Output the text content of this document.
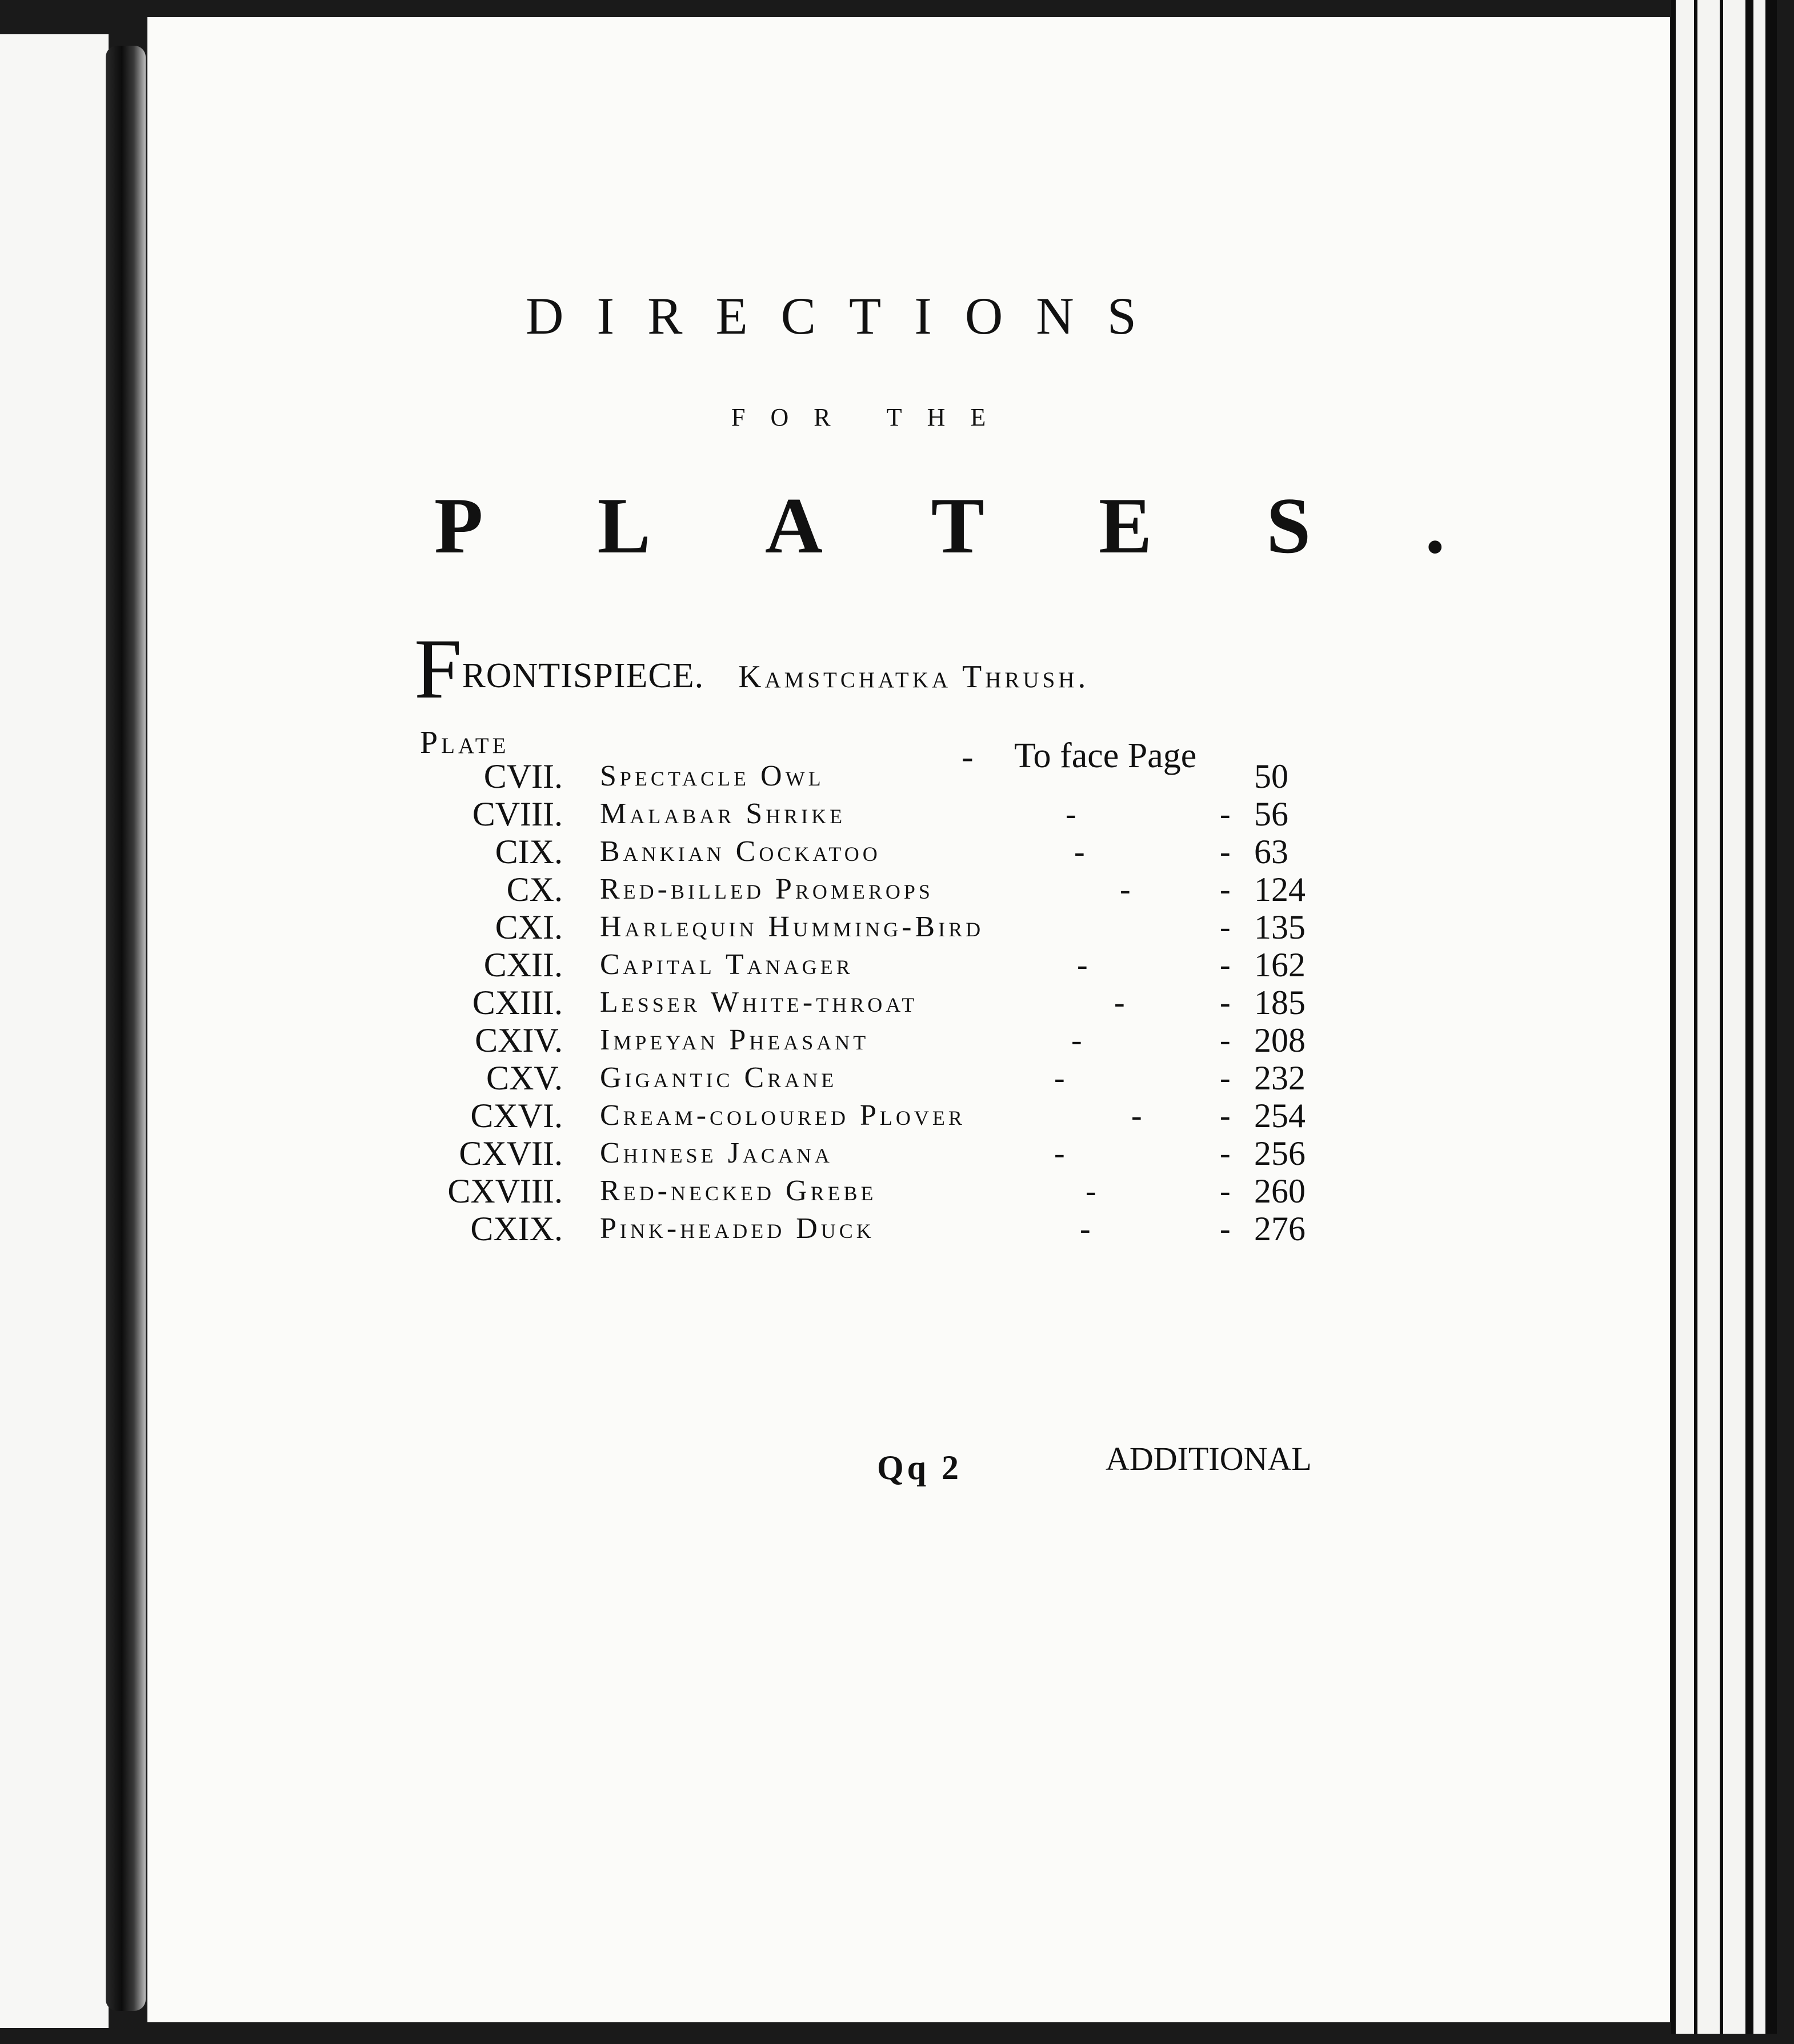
DIRECTIONS
FOR THE
PLATES.
FRONTISPIECE. Kamstchatka Thrush.
Plate	- To face Page
CVII. Spectacle Owl	50
CVIII. Malabar Shrike	-	- 56
CIX. Bankian Cockatoo	-	- 63
CX. Red-billed Promerops	-	- 124
CXI. Harlequin Humming-Bird	- 135
CXII. Capital Tanager	-	- 162
CXIII. Lesser White-throat	-	- 185
CXIV. Impeyan Pheasant	-	- 208
CXV. Gigantic Crane	-	- 232
CXVI. Cream-coloured Plover	- - 254
CXVII. Chinese Jacana	-	- 256
CXVIII. Red-necked Grebe	-	- 260
CXIX. Pink-headed Duck	-	- 276
Qq 2	ADDITIONAL
